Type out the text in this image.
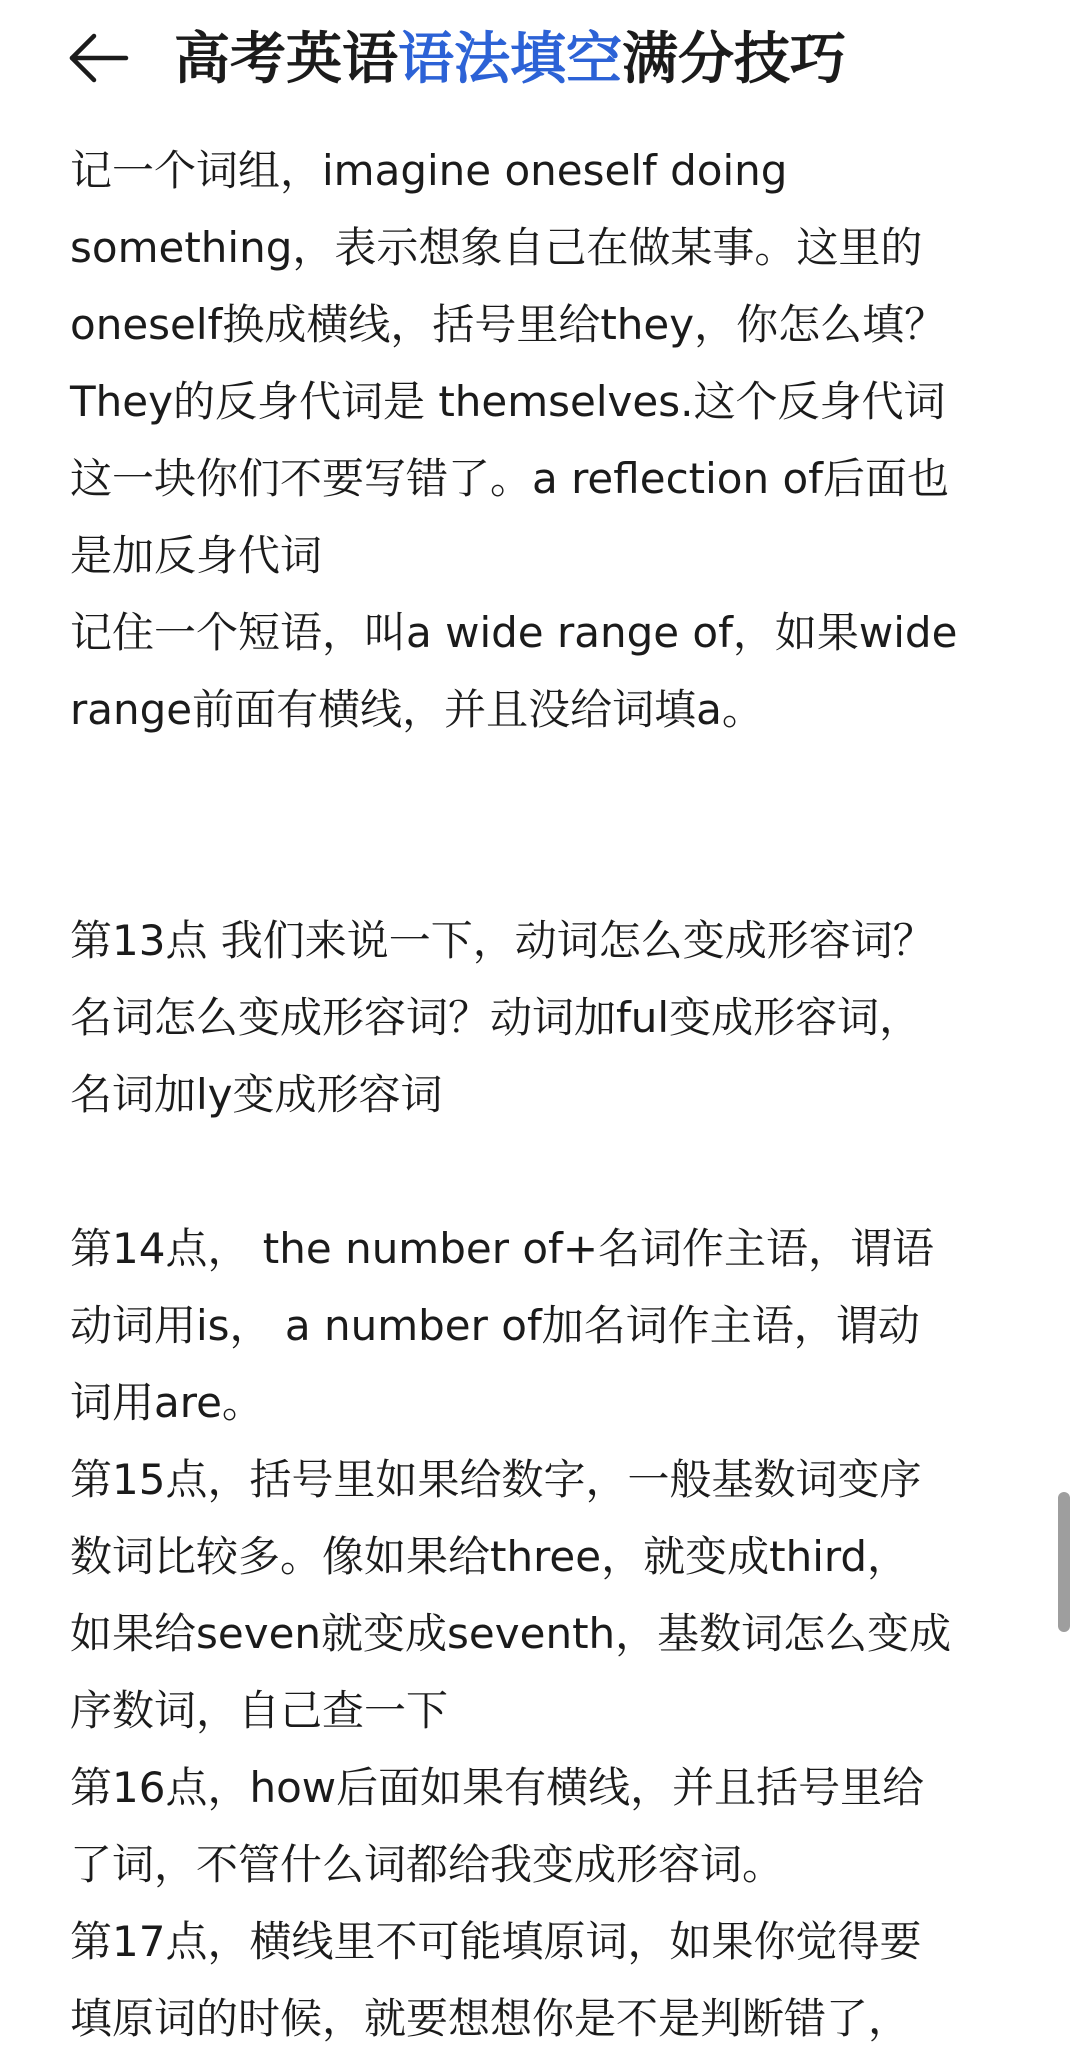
高考英语语法填空满分技巧
记一个词组，imagine oneself doing
something，表示想象自己在做某事。这里的
oneself换成横线，括号里给they，你怎么填？
They的反身代词是 themselves.这个反身代词
这一块你们不要写错了。a reflection of后面也
是加反身代词
记住一个短语，叫a wide range of，如果wide
range前面有横线，并且没给词填a。
第13点 我们来说一下，动词怎么变成形容词？
名词怎么变成形容词？动词加ful变成形容词，
名词加ly变成形容词
第14点， the number of+名词作主语，谓语
动词用is， a number of加名词作主语，谓动
词用are。
第15点，括号里如果给数字，一般基数词变序
数词比较多。像如果给three，就变成third，
如果给seven就变成seventh，基数词怎么变成
序数词，自己查一下
第16点，how后面如果有横线，并且括号里给
了词，不管什么词都给我变成形容词。
第17点，横线里不可能填原词，如果你觉得要
填原词的时候，就要想想你是不是判断错了，
